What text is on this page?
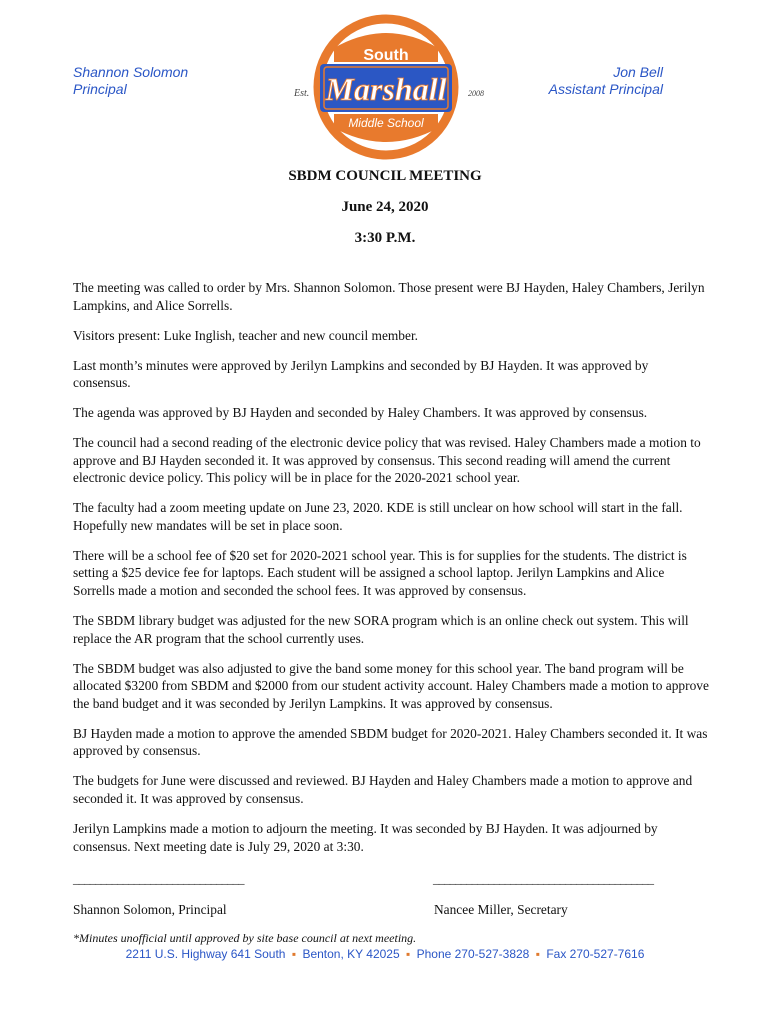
Shannon Solomon
Principal
South
Marshall
Middle School
Est.	2008
Jon Bell
Assistant Principal
SBDM COUNCIL MEETING
June 24, 2020
3:30 P.M.

The meeting was called to order by Mrs. Shannon Solomon. Those present were BJ Hayden, Haley Chambers, Jerilyn Lampkins, and Alice Sorrells.

Visitors present: Luke Inglish, teacher and new council member.

Last month’s minutes were approved by Jerilyn Lampkins and seconded by BJ Hayden. It was approved by consensus.

The agenda was approved by BJ Hayden and seconded by Haley Chambers. It was approved by consensus.

The council had a second reading of the electronic device policy that was revised. Haley Chambers made a motion to approve and BJ Hayden seconded it. It was approved by consensus. This second reading will amend the current electronic device policy. This policy will be in place for the 2020-2021 school year.

The faculty had a zoom meeting update on June 23, 2020. KDE is still unclear on how school will start in the fall. Hopefully new mandates will be set in place soon.

There will be a school fee of $20 set for 2020-2021 school year. This is for supplies for the students. The district is setting a $25 device fee for laptops. Each student will be assigned a school laptop. Jerilyn Lampkins and Alice Sorrells made a motion and seconded the school fees. It was approved by consensus.

The SBDM library budget was adjusted for the new SORA program which is an online check out system. This will replace the AR program that the school currently uses.

The SBDM budget was also adjusted to give the band some money for this school year. The band program will be allocated $3200 from SBDM and $2000 from our student activity account. Haley Chambers made a motion to approve the band budget and it was seconded by Jerilyn Lampkins. It was approved by consensus.

BJ Hayden made a motion to approve the amended SBDM budget for 2020-2021. Haley Chambers seconded it. It was approved by consensus.

The budgets for June were discussed and reviewed. BJ Hayden and Haley Chambers made a motion to approve and seconded it. It was approved by consensus.

Jerilyn Lampkins made a motion to adjourn the meeting. It was seconded by BJ Hayden. It was adjourned by consensus. Next meeting date is July 29, 2020 at 3:30.

_______________________________	________________________________________
Shannon Solomon, Principal	Nancee Miller, Secretary
*Minutes unofficial until approved by site base council at next meeting.
2211 U.S. Highway 641 South ▪ Benton, KY 42025 ▪ Phone 270-527-3828 ▪ Fax 270-527-7616
